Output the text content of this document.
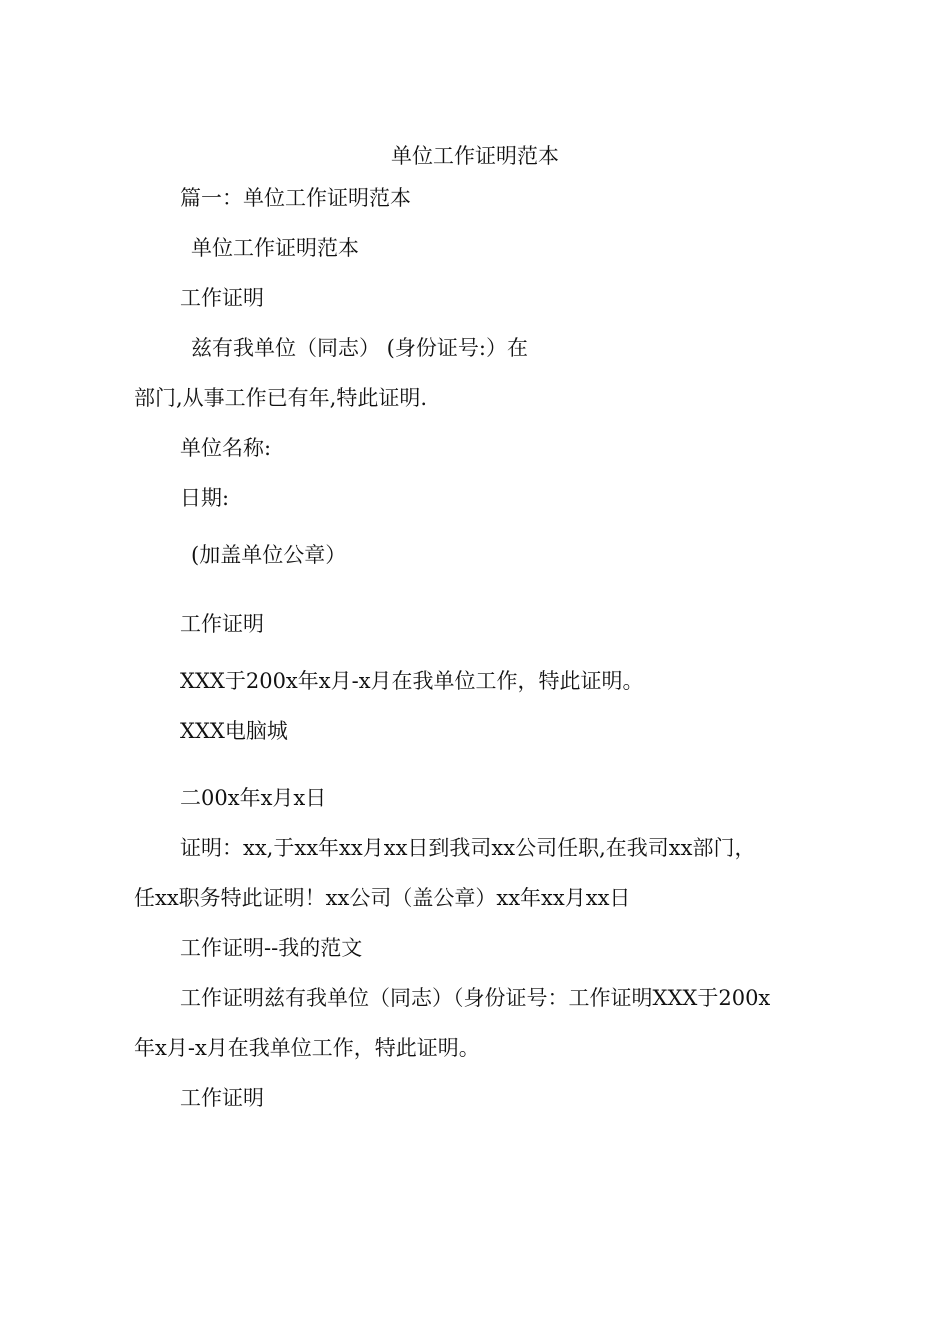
单位工作证明范本
篇一：单位工作证明范本
单位工作证明范本
工作证明
兹有我单位（同志） (身份证号:）在
部门,从事工作已有年,特此证明.
单位名称:
日期:
(加盖单位公章）
工作证明
XXX于200x年x月-x月在我单位工作，特此证明。
XXX电脑城
二00x年x月x日
证明：xx,于xx年xx月xx日到我司xx公司任职,在我司xx部门，
任xx职务特此证明！xx公司（盖公章）xx年xx月xx日
工作证明--我的范文
工作证明兹有我单位（同志）（身份证号：工作证明XXX于200x
年x月-x月在我单位工作，特此证明。
工作证明
